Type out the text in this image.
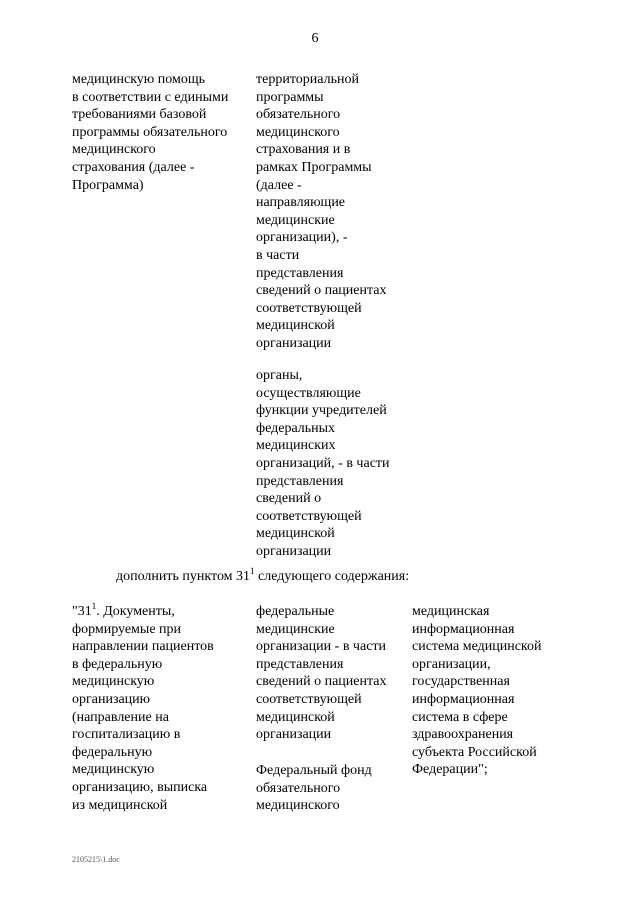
6
медицинскую помощь
в соответствии с едиными
требованиями базовой
программы обязательного
медицинского
страхования (далее -
Программа)
территориальной
программы
обязательного
медицинского
страхования и в
рамках Программы
(далее -
направляющие
медицинские
организации), -
в части
представления
сведений о пациентах
соответствующей
медицинской
организации
органы,
осуществляющие
функции учредителей
федеральных
медицинских
организаций, - в части
представления
сведений о
соответствующей
медицинской
организации
дополнить пунктом $31^1$ следующего содержания:
"$31^1$. Документы,
формируемые при
направлении пациентов
в федеральную
медицинскую
организацию
(направление на
госпитализацию в
федеральную
медицинскую
организацию, выписка
из медицинской
федеральные
медицинские
организации - в части
представления
сведений о пациентах
соответствующей
медицинской
организации
Федеральный фонд
обязательного
медицинского
медицинская
информационная
система медицинской
организации,
государственная
информационная
система в сфере
здравоохранения
субъекта Российской
Федерации";
2105215\1.doc
